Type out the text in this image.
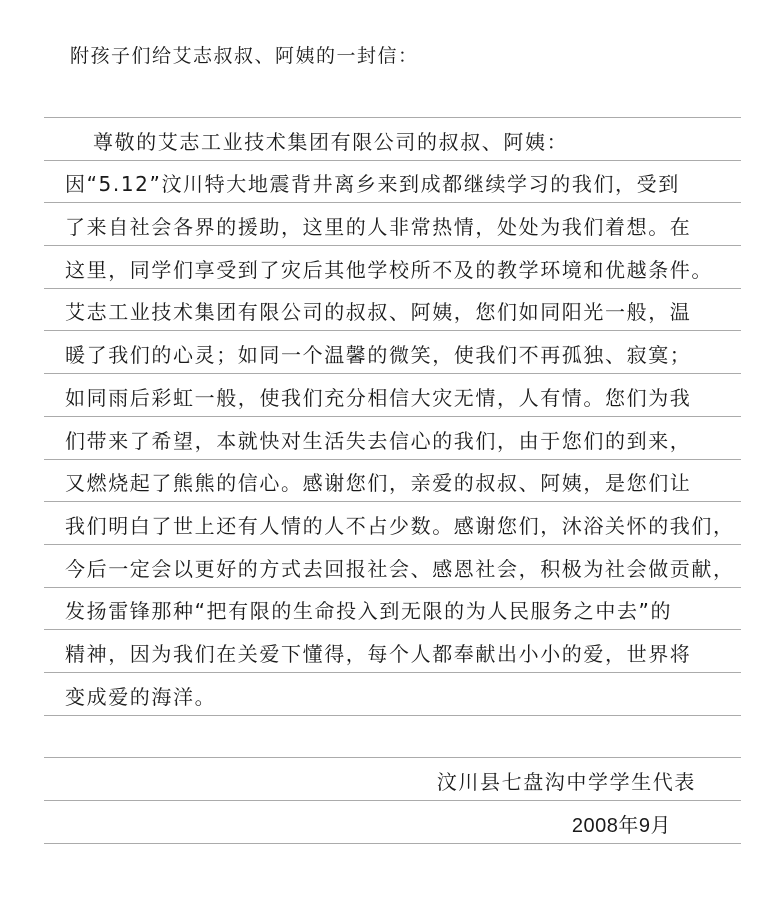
附孩子们给艾志叔叔、阿姨的一封信：
尊敬的艾志工业技术集团有限公司的叔叔、阿姨：
因“5.12”汶川特大地震背井离乡来到成都继续学习的我们，受到
了来自社会各界的援助，这里的人非常热情，处处为我们着想。在
这里，同学们享受到了灾后其他学校所不及的教学环境和优越条件。
艾志工业技术集团有限公司的叔叔、阿姨，您们如同阳光一般，温
暖了我们的心灵；如同一个温馨的微笑，使我们不再孤独、寂寞；
如同雨后彩虹一般，使我们充分相信大灾无情，人有情。您们为我
们带来了希望，本就快对生活失去信心的我们，由于您们的到来，
又燃烧起了熊熊的信心。感谢您们，亲爱的叔叔、阿姨，是您们让
我们明白了世上还有人情的人不占少数。感谢您们，沐浴关怀的我们，
今后一定会以更好的方式去回报社会、感恩社会，积极为社会做贡献，
发扬雷锋那种“把有限的生命投入到无限的为人民服务之中去”的
精神，因为我们在关爱下懂得，每个人都奉献出小小的爱，世界将
变成爱的海洋。
汶川县七盘沟中学学生代表
2008年9月
